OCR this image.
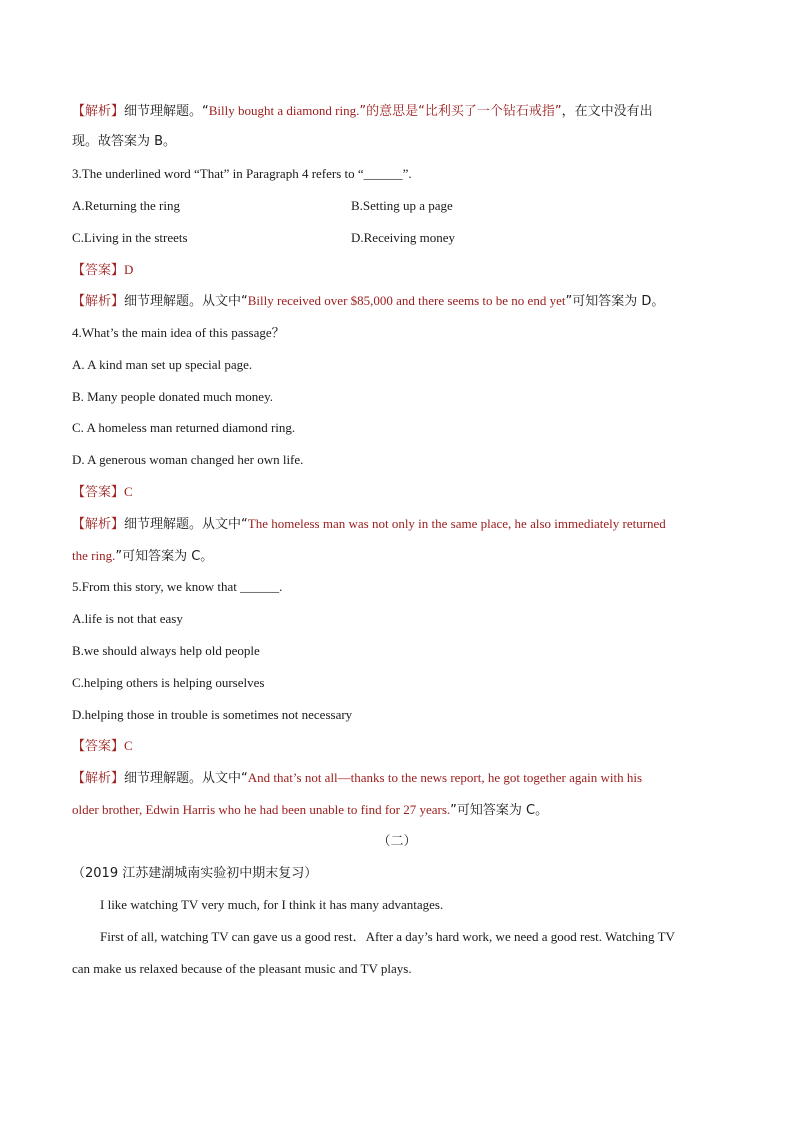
【解析】细节理解题。“Billy bought a diamond ring.”的意思是“比利买了一个钻石戒指”，在文中没有出
现。故答案为 B。
3.The underlined word “That” in Paragraph 4 refers to “______”.
A.Returning the ring	B.Setting up a page
C.Living in the streets	D.Receiving money
【答案】D
【解析】细节理解题。从文中“Billy received over $85,000 and there seems to be no end yet”可知答案为 D。
4.What’s the main idea of this passage？
A. A kind man set up special page.
B. Many people donated much money.
C. A homeless man returned diamond ring.
D. A generous woman changed her own life.
【答案】C
【解析】细节理解题。从文中“The homeless man was not only in the same place, he also immediately returned
the ring.”可知答案为 C。
5.From this story, we know that ______.
A.life is not that easy
B.we should always help old people
C.helping others is helping ourselves
D.helping those in trouble is sometimes not necessary
【答案】C
【解析】细节理解题。从文中“And that’s not all—thanks to the news report, he got together again with his
older brother, Edwin Harris who he had been unable to find for 27 years.”可知答案为 C。
（二）
（2019 江苏建湖城南实验初中期末复习）
I like watching TV very much, for I think it has many advantages.
First of all, watching TV can gave us a good rest．After a day’s hard work, we need a good rest. Watching TV
can make us relaxed because of the pleasant music and TV plays.
